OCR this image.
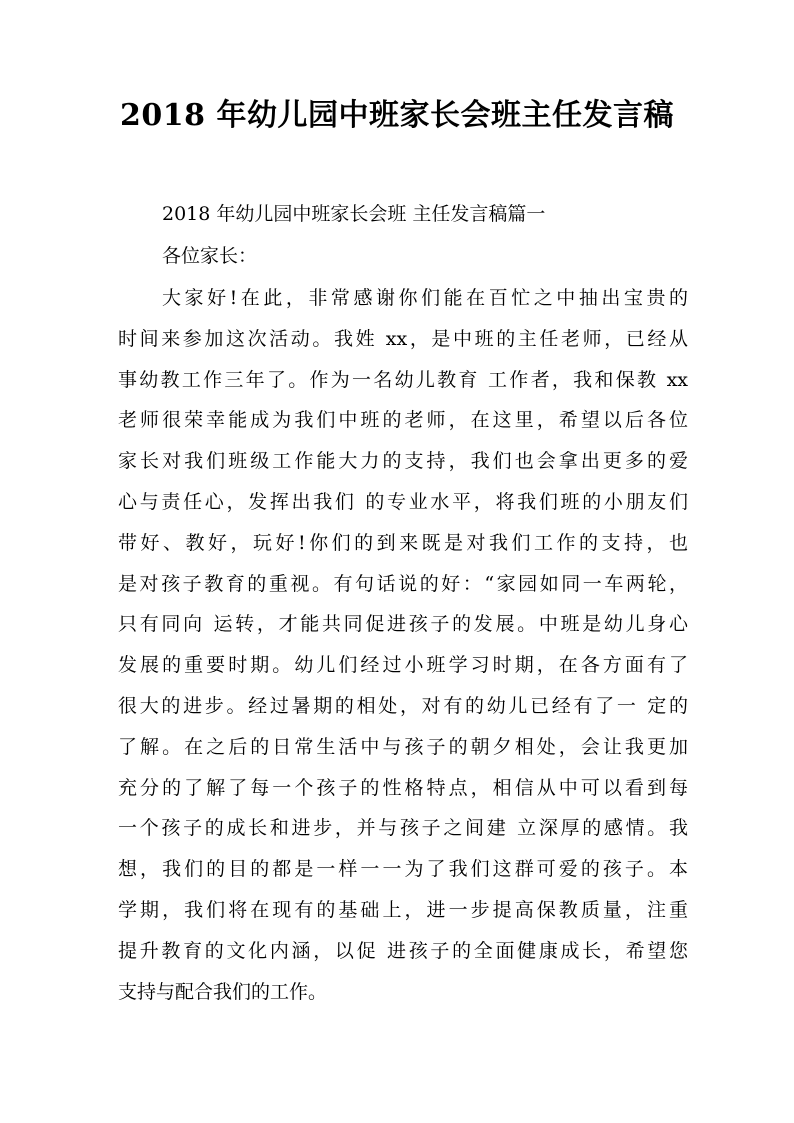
2018 年幼儿园中班家长会班主任发言稿
2018 年幼儿园中班家长会班 主任发言稿篇一
各位家长：
大家好!在此，非常感谢你们能在百忙之中抽出宝贵的
时间来参加这次活动。我姓 xx，是中班的主任老师，已经从
事幼教工作三年了。作为一名幼儿教育 工作者，我和保教 xx
老师很荣幸能成为我们中班的老师，在这里，希望以后各位
家长对我们班级工作能大力的支持，我们也会拿出更多的爱
心与责任心，发挥出我们 的专业水平，将我们班的小朋友们
带好、教好，玩好!你们的到来既是对我们工作的支持，也
是对孩子教育的重视。有句话说的好：“家园如同一车两轮，
只有同向 运转，才能共同促进孩子的发展。中班是幼儿身心
发展的重要时期。幼儿们经过小班学习时期，在各方面有了
很大的进步。经过暑期的相处，对有的幼儿已经有了一 定的
了解。在之后的日常生活中与孩子的朝夕相处，会让我更加
充分的了解了每一个孩子的性格特点，相信从中可以看到每
一个孩子的成长和进步，并与孩子之间建 立深厚的感情。我
想，我们的目的都是一样一一为了我们这群可爱的孩子。本
学期，我们将在现有的基础上，进一步提高保教质量，注重
提升教育的文化内涵，以促 进孩子的全面健康成长，希望您
支持与配合我们的工作。
